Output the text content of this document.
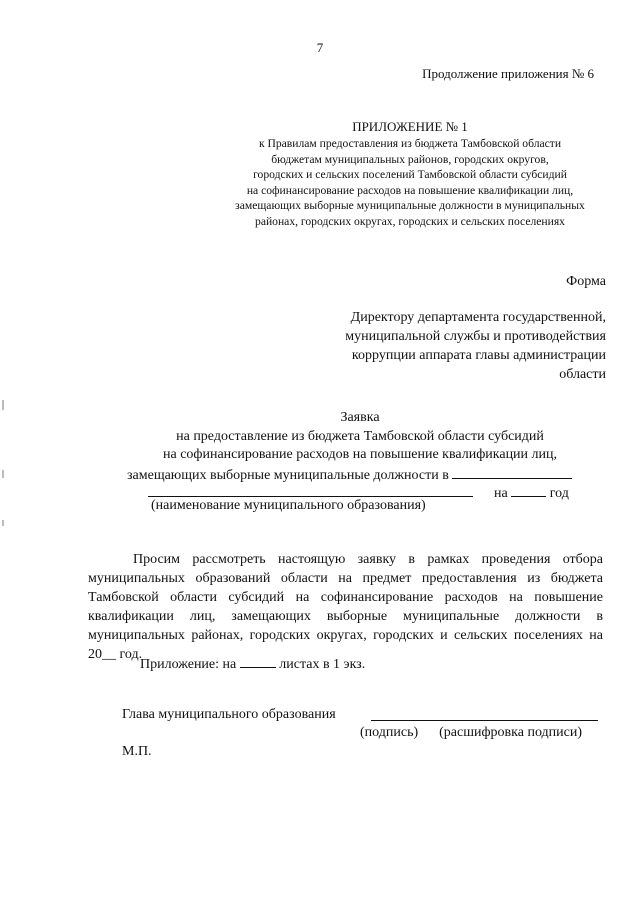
7
Продолжение приложения № 6
ПРИЛОЖЕНИЕ № 1
к Правилам предоставления из бюджета Тамбовской области
бюджетам муниципальных районов, городских округов,
городских и сельских поселений Тамбовской области субсидий
на софинансирование расходов на повышение квалификации лиц,
замещающих выборные муниципальные должности в муниципальных
районах, городских округах, городских и сельских поселениях
Форма
Директору департамента государственной,
муниципальной службы и противодействия
коррупции аппарата главы администрации
области
Заявка
на предоставление из бюджета Тамбовской области субсидий
на софинансирование расходов на повышение квалификации лиц,
замещающих выборные муниципальные должности в
на	год
(наименование муниципального образования)

Просим рассмотреть настоящую заявку в рамках проведения отбора муниципальных образований области на предмет предоставления из бюджета Тамбовской области субсидий на софинансирование расходов на повышение квалификации лиц, замещающих выборные муниципальные должности в муниципальных районах, городских округах, городских и сельских поселениях на 20__ год.

Приложение: на	листах в 1 экз.
Глава муниципального образования
(подпись) (расшифровка подписи)
М.П.
